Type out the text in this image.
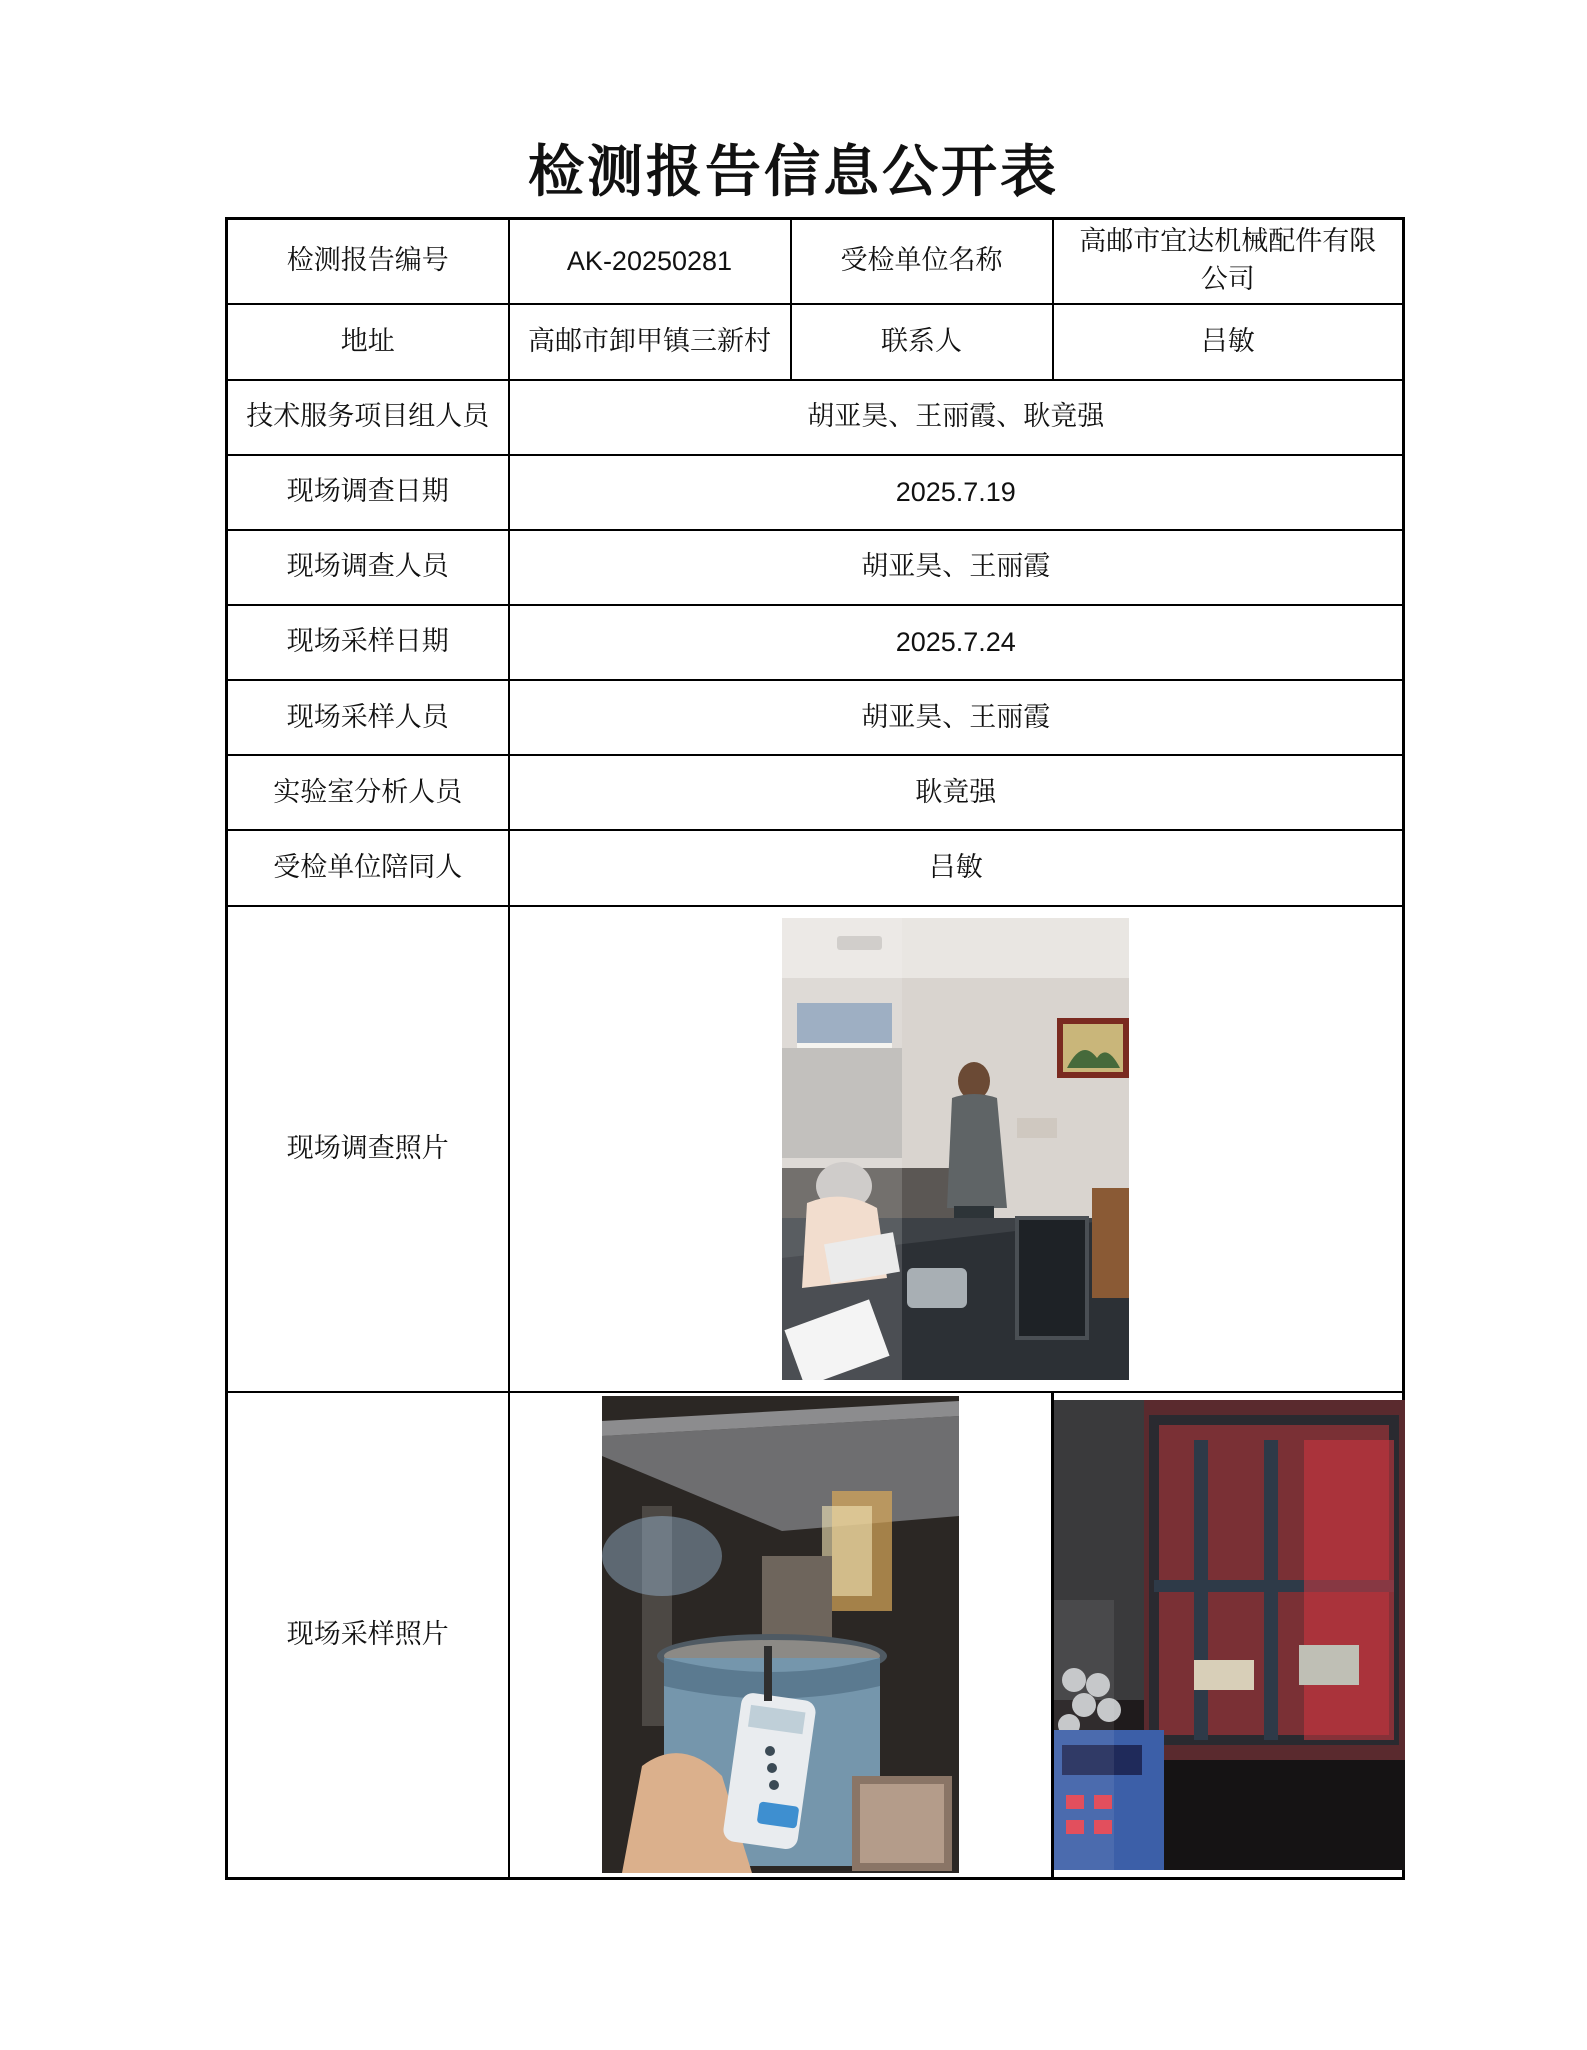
检测报告信息公开表
检测报告编号	AK-20250281	受检单位名称	高邮市宜达机械配件有限公司
地址	高邮市卸甲镇三新村	联系人	吕敏
技术服务项目组人员	胡亚昊、王丽霞、耿竟强		
现场调查日期	2025.7.19		
现场调查人员	胡亚昊、王丽霞		
现场采样日期	2025.7.24		
现场采样人员	胡亚昊、王丽霞		
实验室分析人员	耿竟强		
受检单位陪同人	吕敏		
现场调查照片	

现场采样照片	
